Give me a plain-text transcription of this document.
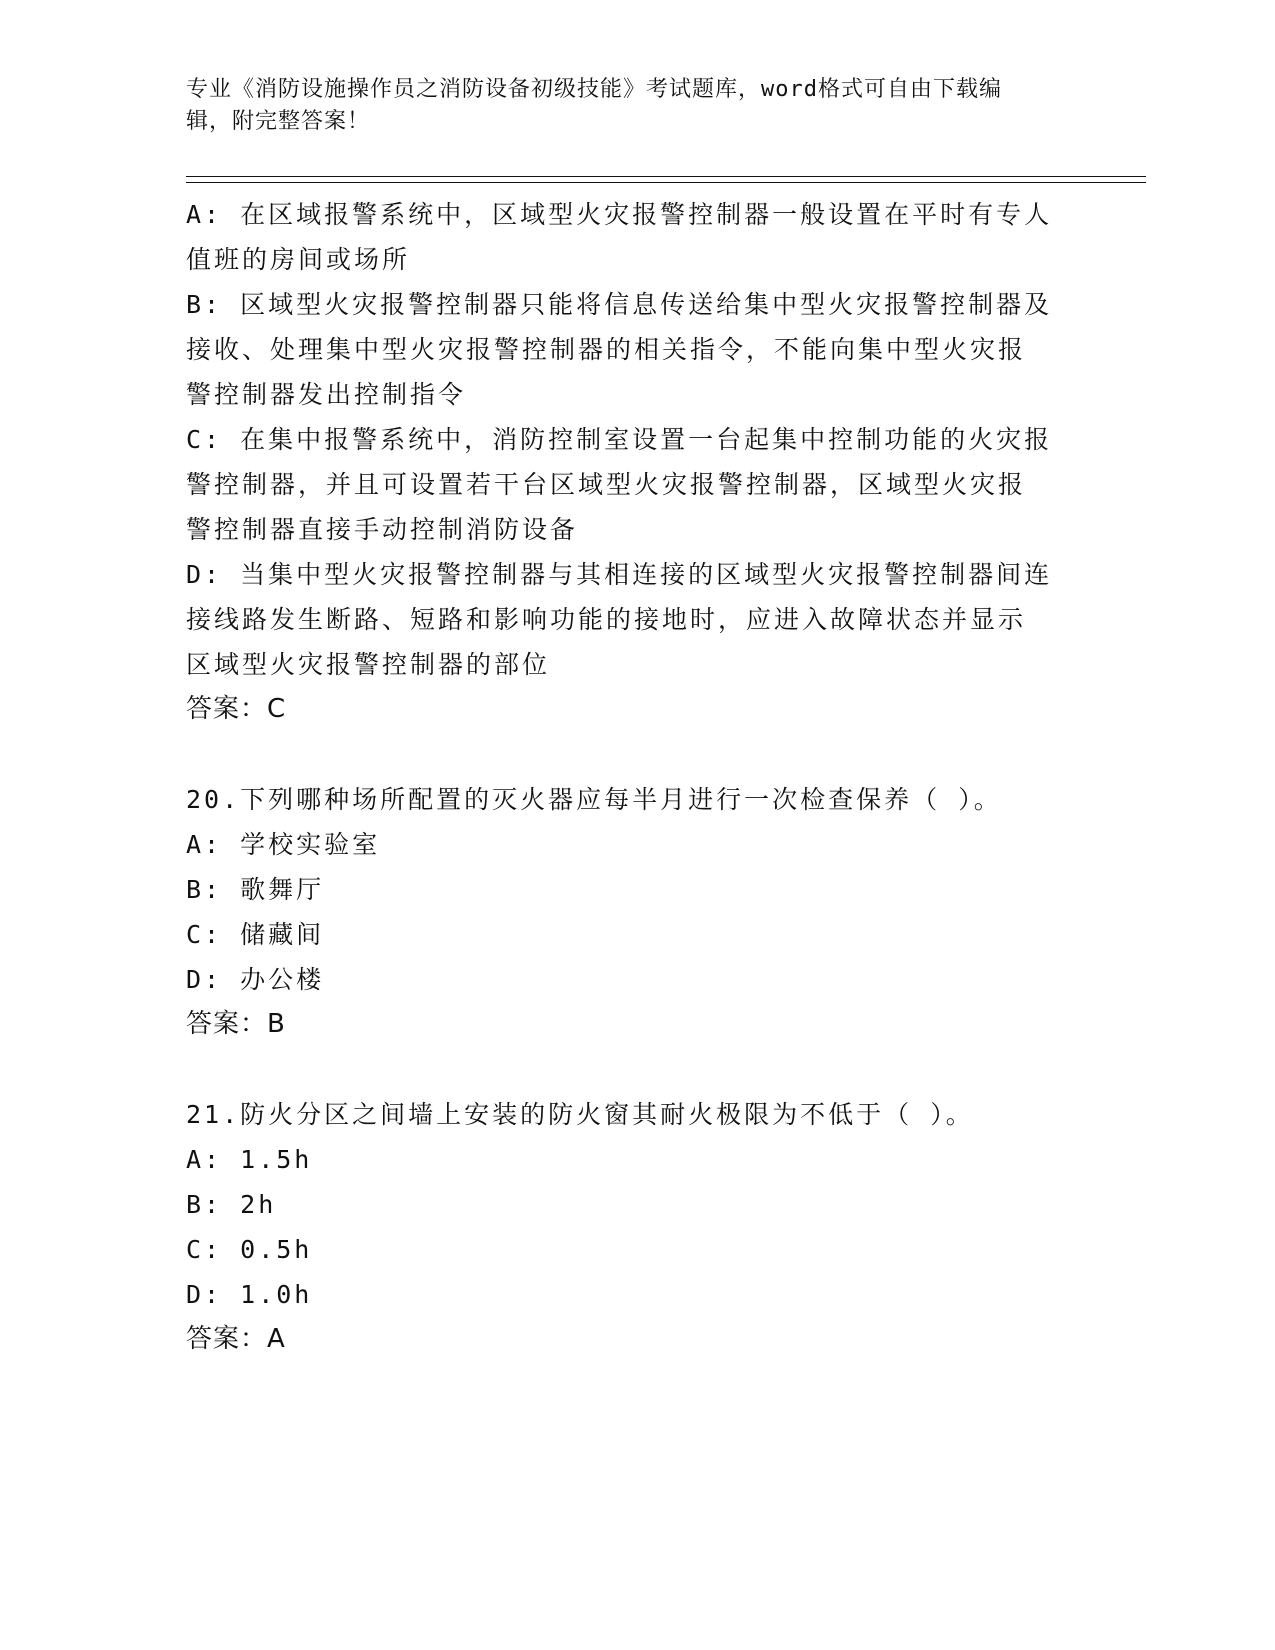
专业《消防设施操作员之消防设备初级技能》考试题库，word格式可自由下载编
辑，附完整答案！
A: 在区域报警系统中，区域型火灾报警控制器一般设置在平时有专人
值班的房间或场所
B: 区域型火灾报警控制器只能将信息传送给集中型火灾报警控制器及
接收、处理集中型火灾报警控制器的相关指令，不能向集中型火灾报
警控制器发出控制指令
C: 在集中报警系统中，消防控制室设置一台起集中控制功能的火灾报
警控制器，并且可设置若干台区域型火灾报警控制器，区域型火灾报
警控制器直接手动控制消防设备
D: 当集中型火灾报警控制器与其相连接的区域型火灾报警控制器间连
接线路发生断路、短路和影响功能的接地时，应进入故障状态并显示
区域型火灾报警控制器的部位
答案：C
20.下列哪种场所配置的灭火器应每半月进行一次检查保养（ ）。
A: 学校实验室
B: 歌舞厅
C: 储藏间
D: 办公楼
答案：B
21.防火分区之间墙上安装的防火窗其耐火极限为不低于（ ）。
A: 1.5h
B: 2h
C: 0.5h
D: 1.0h
答案：A
